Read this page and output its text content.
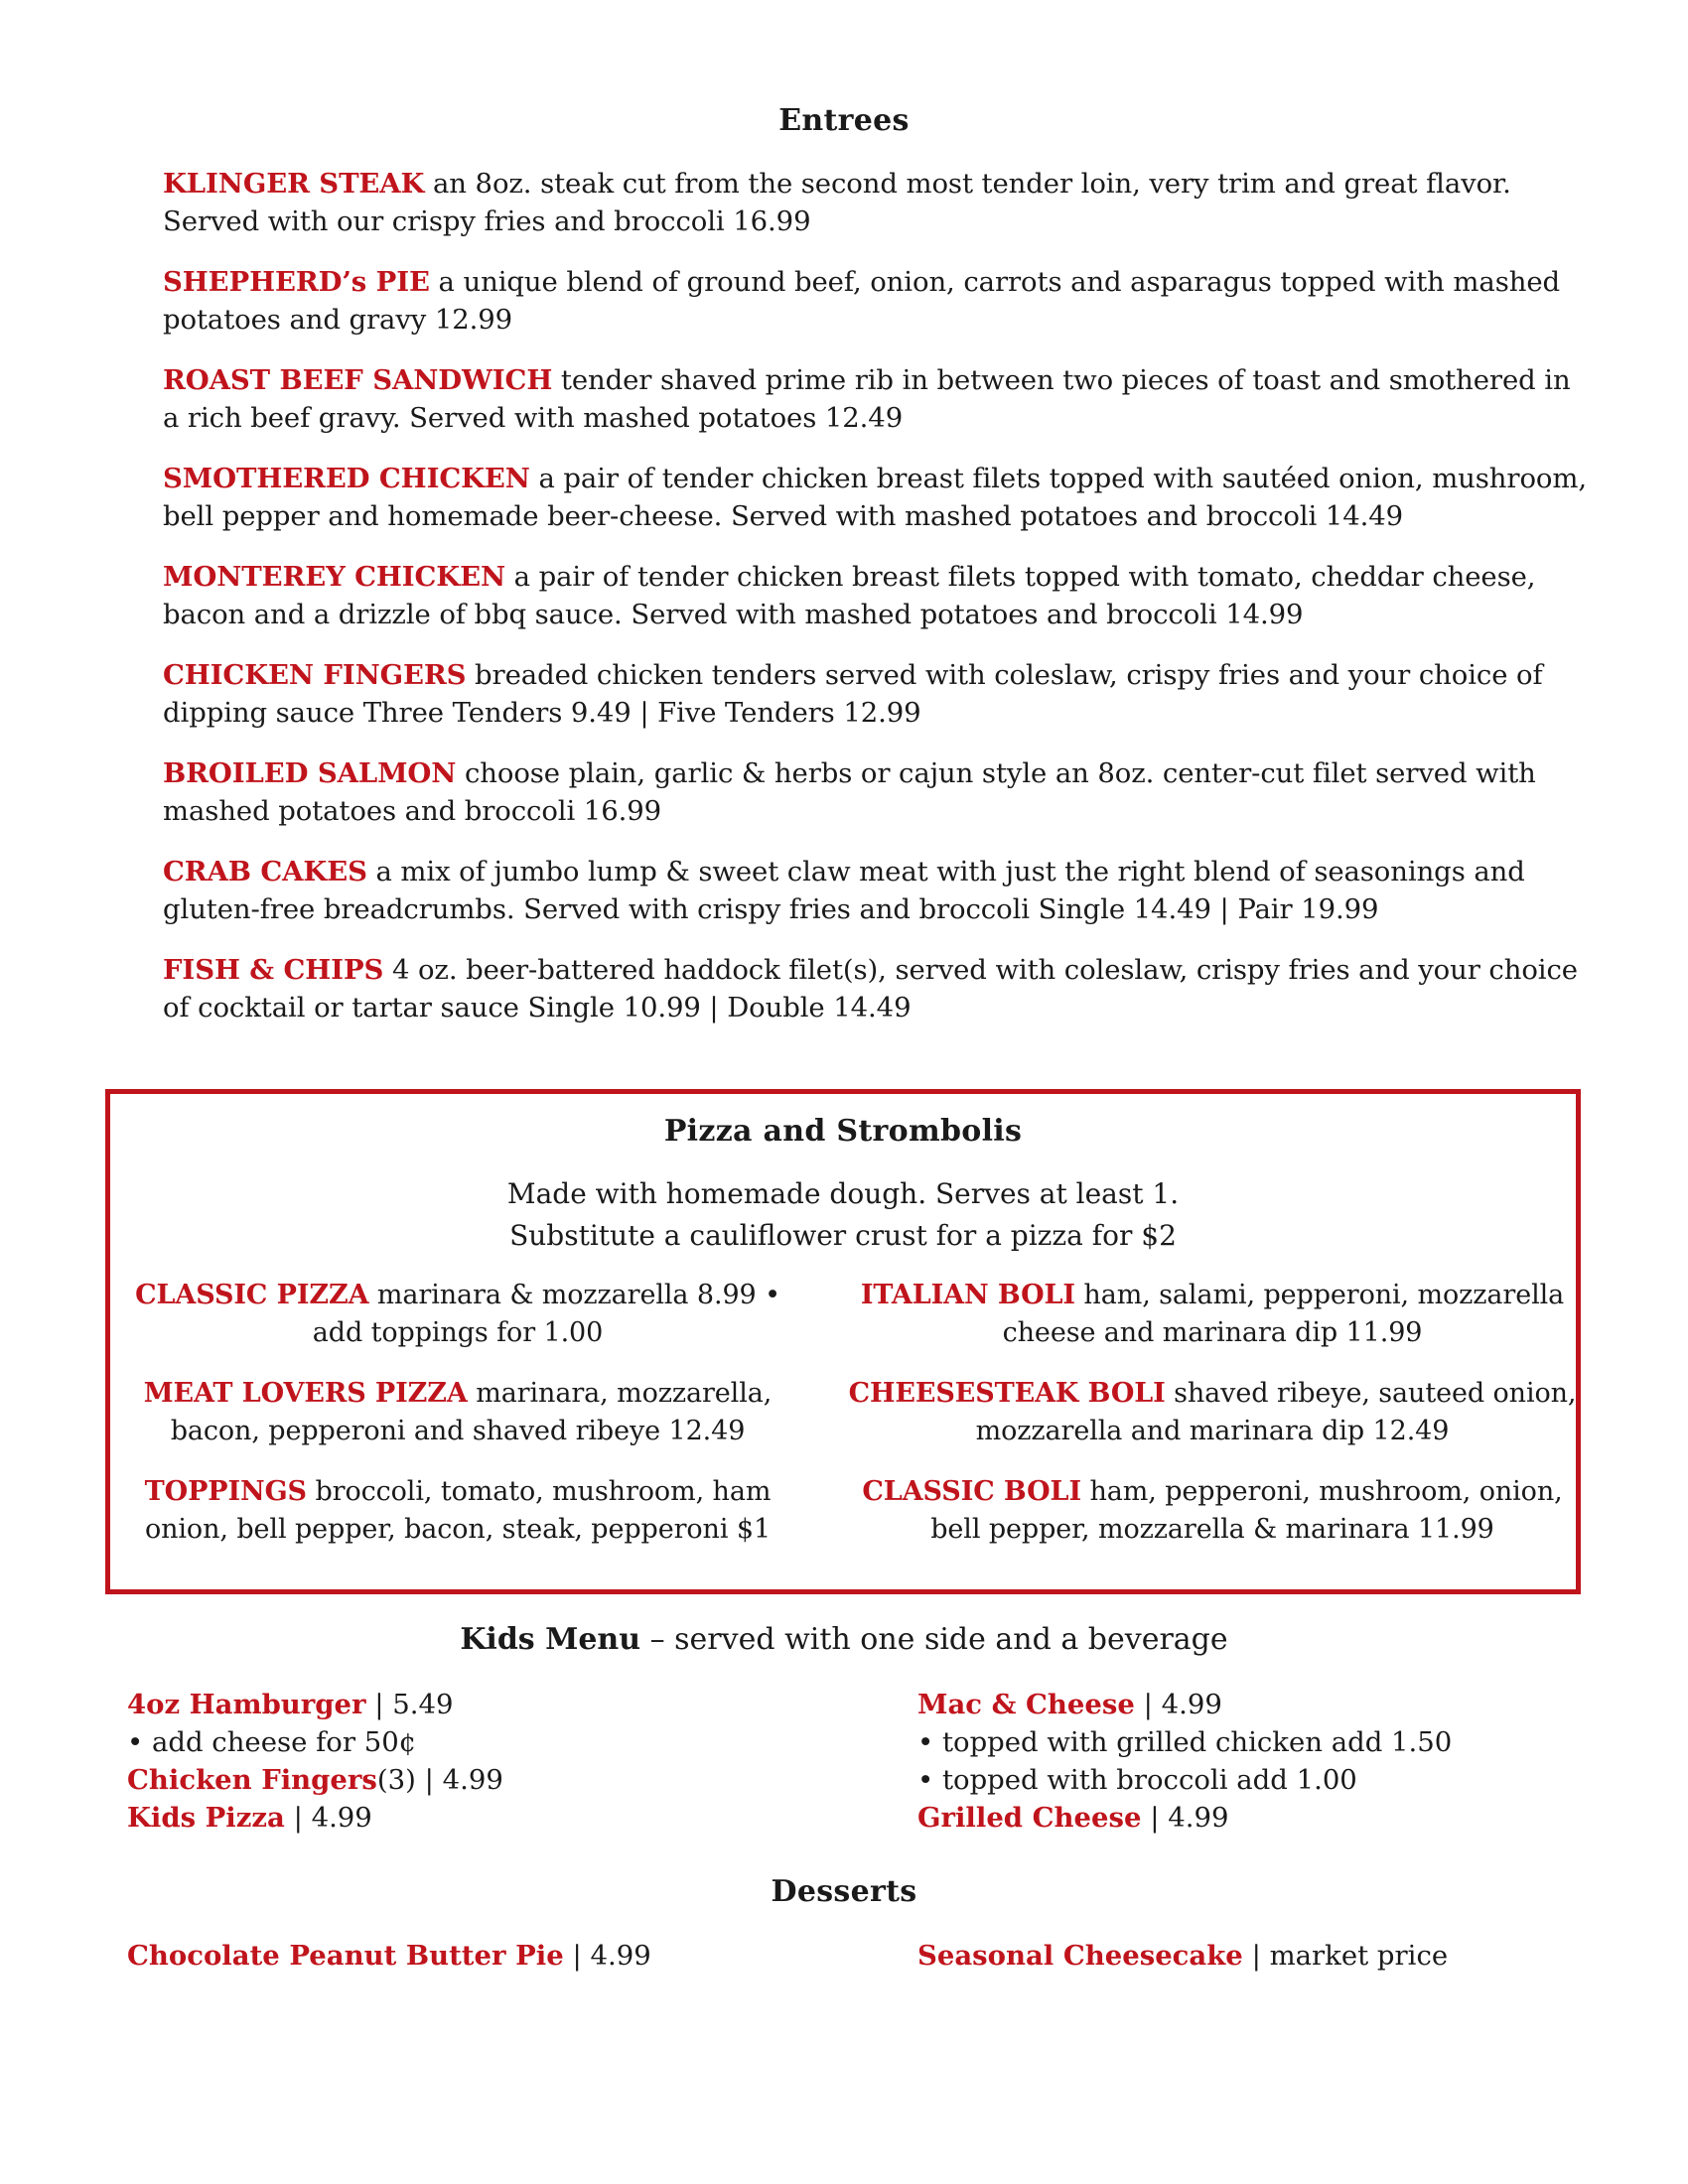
Entrees

KLINGER STEAK an 8oz. steak cut from the second most tender loin, very trim and great flavor. Served with our crispy fries and broccoli 16.99

SHEPHERD’s PIE a unique blend of ground beef, onion, carrots and asparagus topped with mashed potatoes and gravy 12.99

ROAST BEEF SANDWICH tender shaved prime rib in between two pieces of toast and smothered in a rich beef gravy. Served with mashed potatoes 12.49

SMOTHERED CHICKEN a pair of tender chicken breast filets topped with sautéed onion, mushroom, bell pepper and homemade beer-cheese. Served with mashed potatoes and broccoli 14.49

MONTEREY CHICKEN a pair of tender chicken breast filets topped with tomato, cheddar cheese, bacon and a drizzle of bbq sauce. Served with mashed potatoes and broccoli 14.99

CHICKEN FINGERS breaded chicken tenders served with coleslaw, crispy fries and your choice of dipping sauce Three Tenders 9.49 | Five Tenders 12.99

BROILED SALMON choose plain, garlic & herbs or cajun style an 8oz. center-cut filet served with mashed potatoes and broccoli 16.99

CRAB CAKES a mix of jumbo lump & sweet claw meat with just the right blend of seasonings and gluten-free breadcrumbs. Served with crispy fries and broccoli Single 14.49 | Pair 19.99

FISH & CHIPS 4 oz. beer-battered haddock filet(s), served with coleslaw, crispy fries and your choice of cocktail or tartar sauce Single 10.99 | Double 14.49

Pizza and Strombolis
Made with homemade dough. Serves at least 1.
Substitute a cauliflower crust for a pizza for $2

CLASSIC PIZZA marinara & mozzarella 8.99 • add toppings for 1.00

MEAT LOVERS PIZZA marinara, mozzarella, bacon, pepperoni and shaved ribeye 12.49

TOPPINGS broccoli, tomato, mushroom, ham onion, bell pepper, bacon, steak, pepperoni $1

ITALIAN BOLI ham, salami, pepperoni, mozzarella cheese and marinara dip 11.99

CHEESESTEAK BOLI shaved ribeye, sauteed onion, mozzarella and marinara dip 12.49

CLASSIC BOLI ham, pepperoni, mushroom, onion, bell pepper, mozzarella & marinara 11.99

Kids Menu – served with one side and a beverage
4oz Hamburger | 5.49
• add cheese for 50¢
Chicken Fingers(3) | 4.99
Kids Pizza | 4.99
Mac & Cheese | 4.99
• topped with grilled chicken add 1.50
• topped with broccoli add 1.00
Grilled Cheese | 4.99
Desserts
Chocolate Peanut Butter Pie | 4.99	Seasonal Cheesecake | market price
